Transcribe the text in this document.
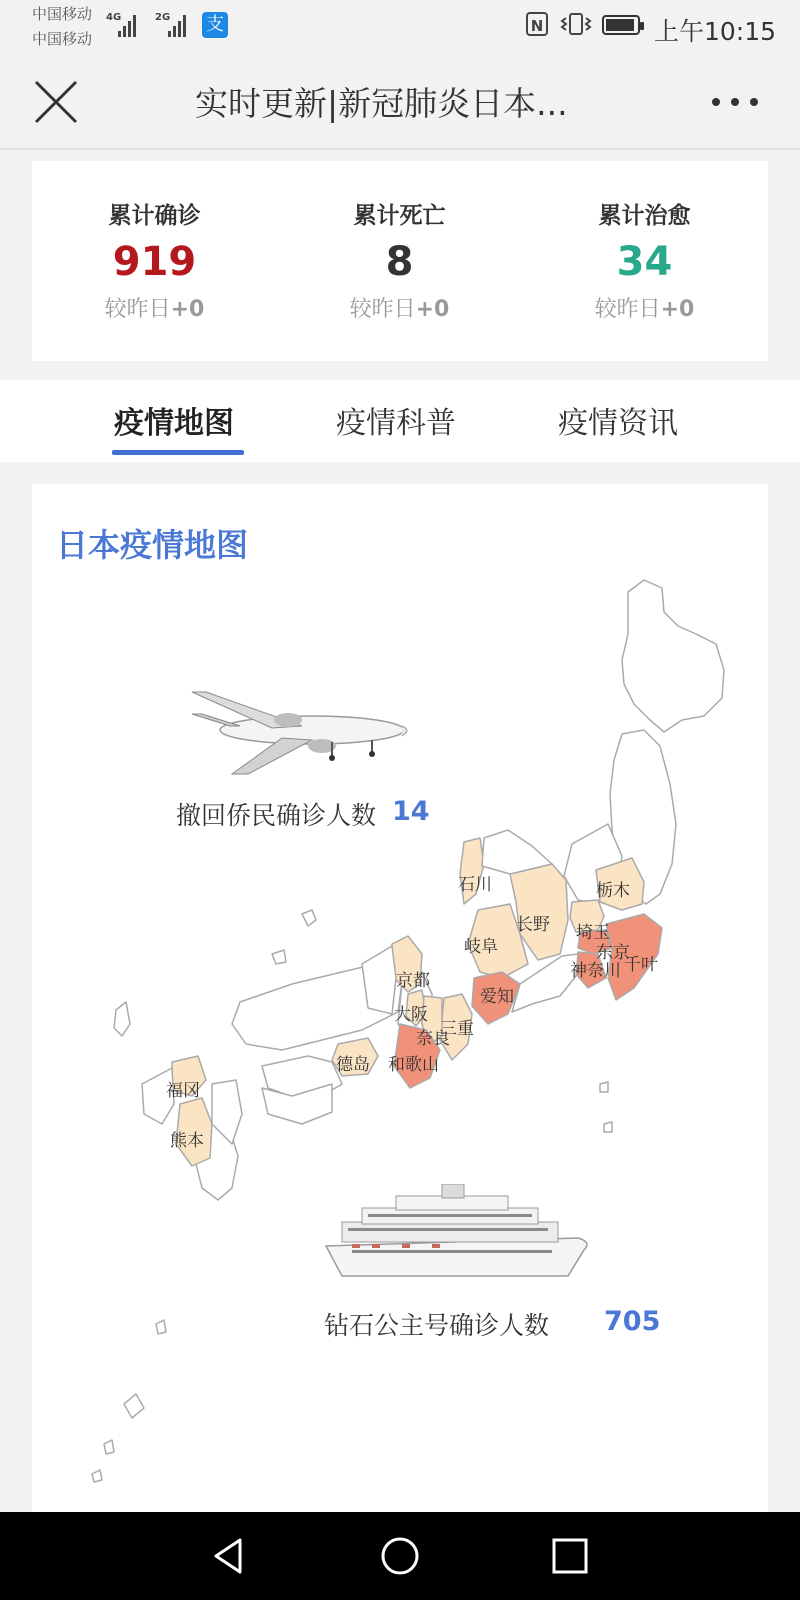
中国移动
中国移动
4G	2G 支	N	上午10:15
实时更新|新冠肺炎日本...
累计确诊
919
较昨日+0
累计死亡
8
较昨日+0
累计治愈
34
较昨日+0
疫情地图	疫情科普	疫情资讯
日本疫情地图
石川	栃木
长野 埼玉
岐阜	东京
京都	神奈川 千叶
爱知
大阪
三重
奈良
德岛 和歌山
福冈
熊本
撤回侨民确诊人数 14
钻石公主号确诊人数 705
